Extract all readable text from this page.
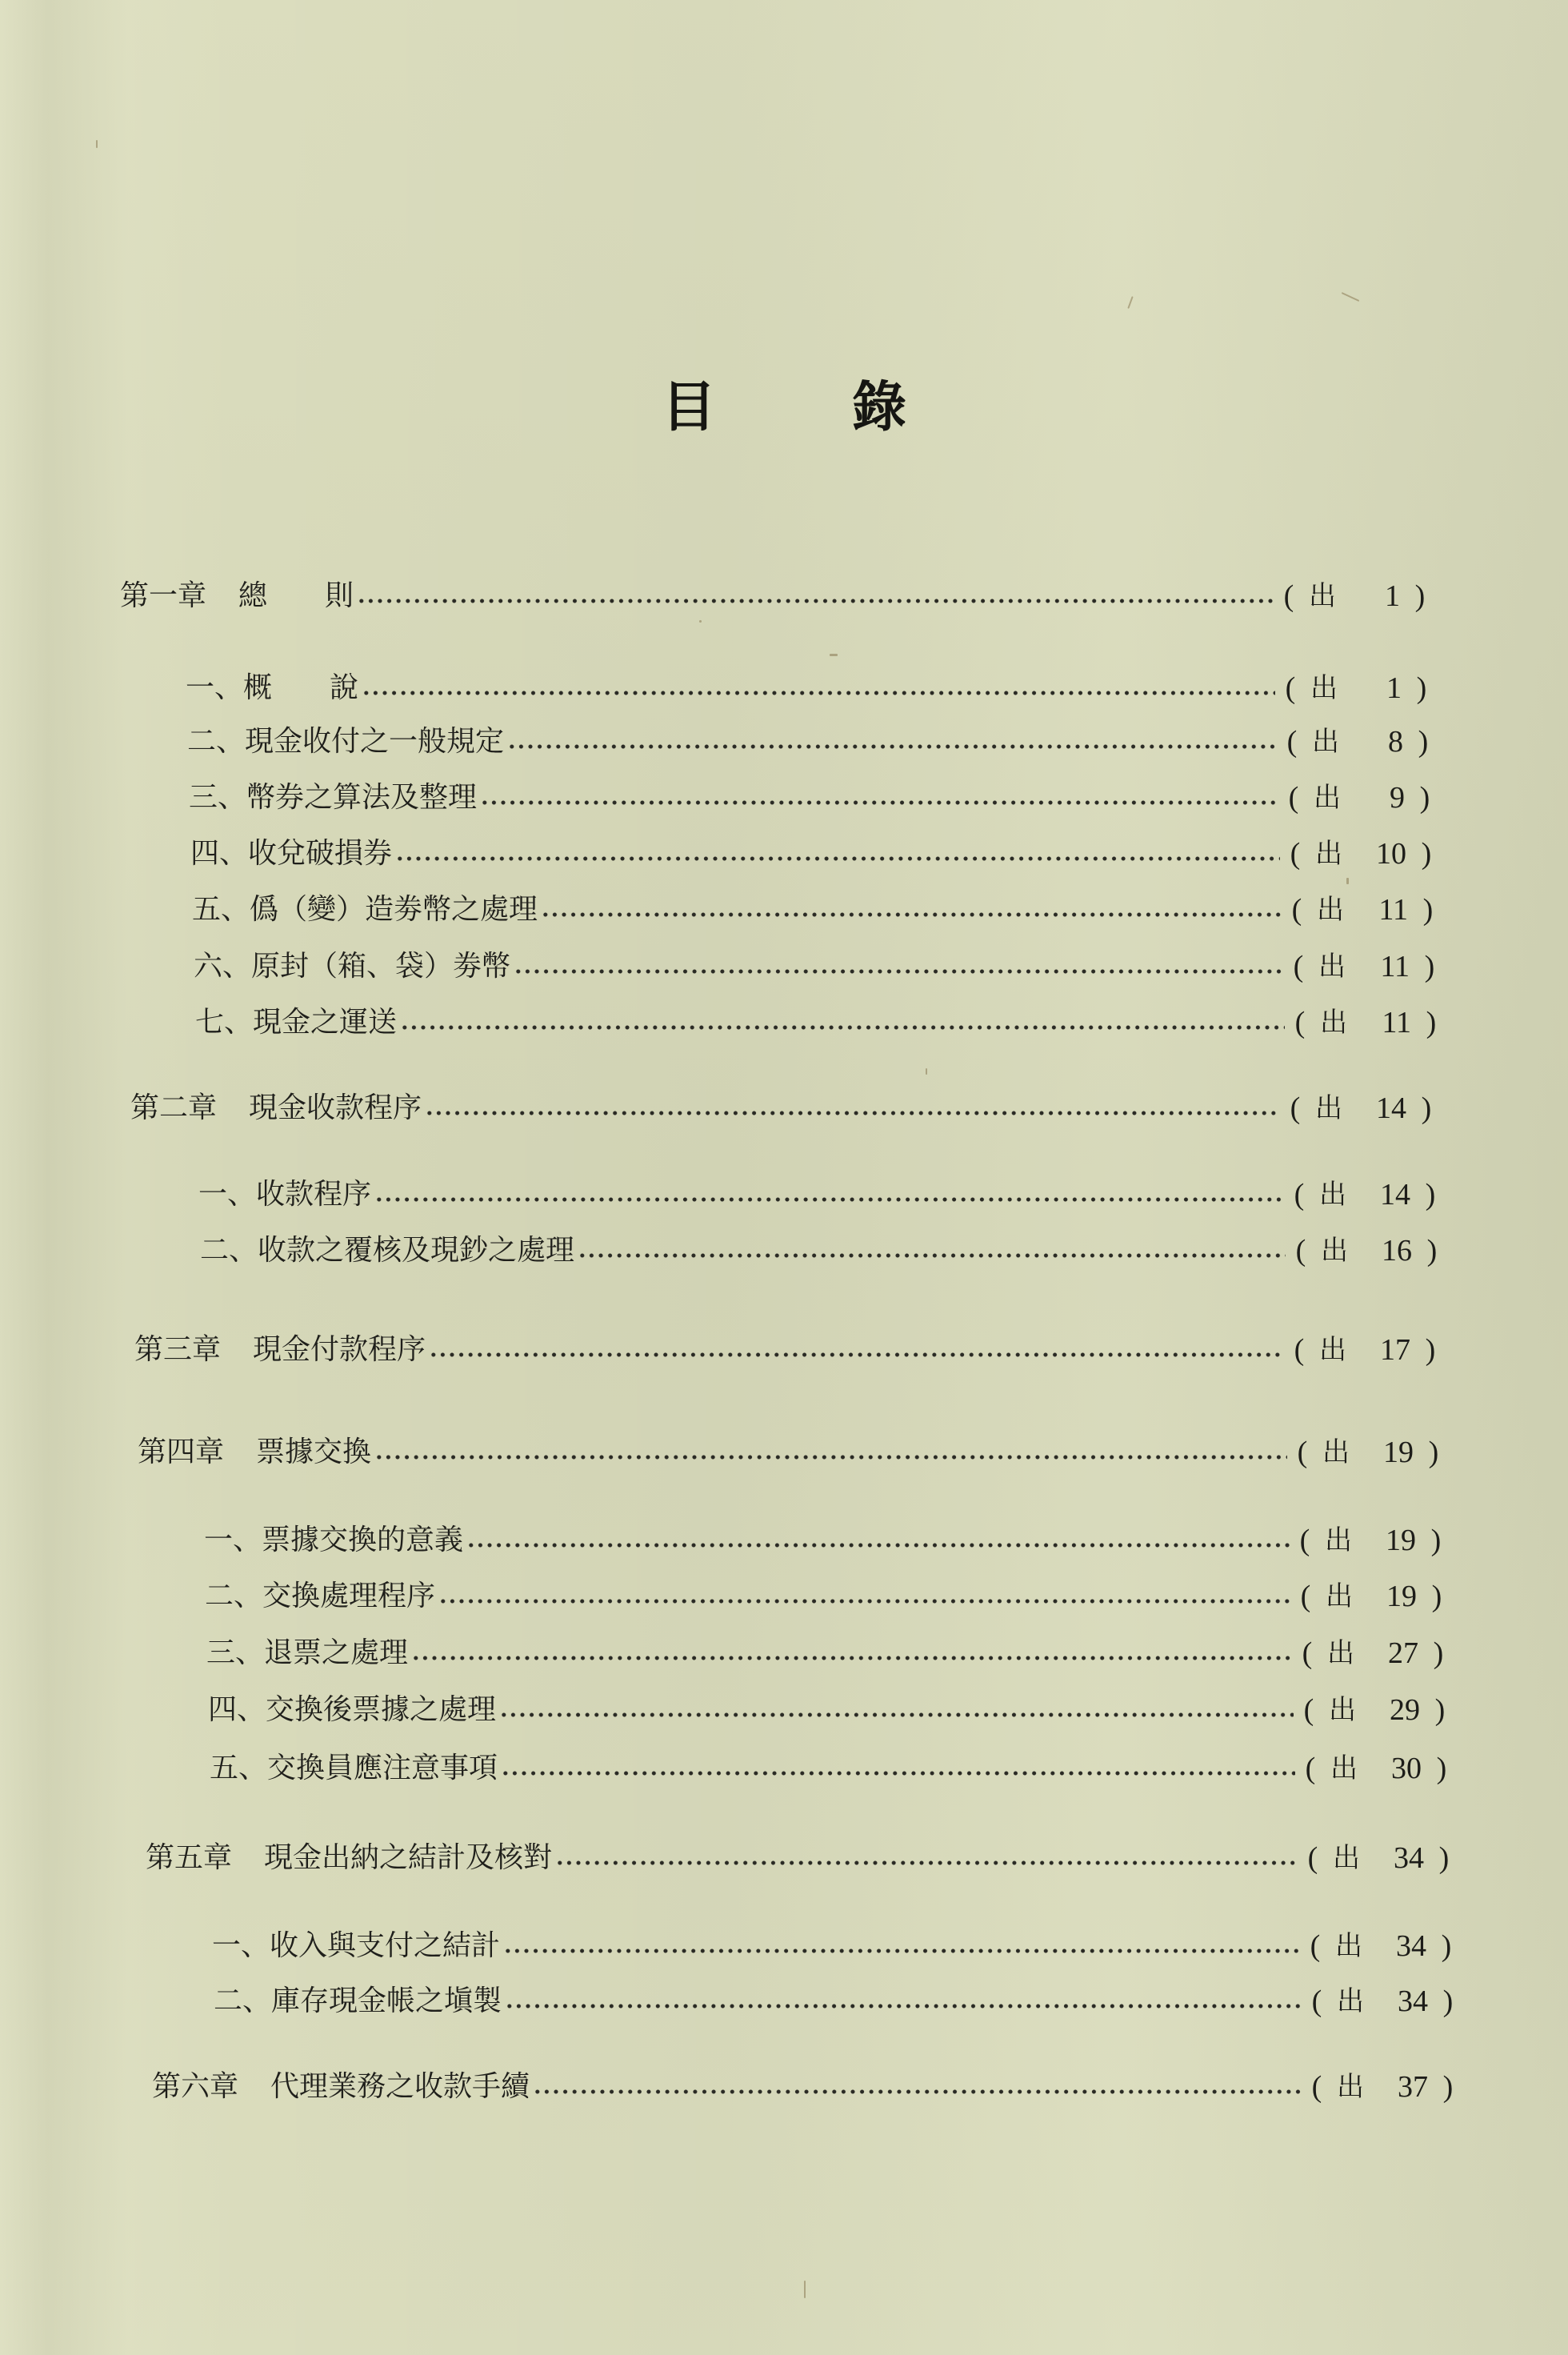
目	錄
第一章 總　　則	( 出	1 )
一、概　　說	( 出	1 )
二、現金收付之一般規定	( 出	8 )
三、幣券之算法及整理	( 出	9 )
四、收兌破損券	( 出	10 )
五、僞（變）造劵幣之處理	( 出	11 )
六、原封（箱、袋）劵幣	( 出	11 )
七、現金之運送	( 出	11 )
第二章 現金收款程序	( 出	14 )
一、收款程序	( 出	14 )
二、收款之覆核及現鈔之處理	( 出	16 )
第三章 現金付款程序	( 出	17 )
第四章 票據交換	( 出	19 )
一、票據交換的意義	( 出	19 )
二、交換處理程序	( 出	19 )
三、退票之處理	( 出	27 )
四、交換後票據之處理	( 出	29 )
五、交換員應注意事項	( 出	30 )
第五章 現金出納之結計及核對	( 出	34 )
一、收入與支付之結計	( 出	34 )
二、庫存現金帳之塡製	( 出	34 )
第六章 代理業務之收款手續	( 出	37 )
